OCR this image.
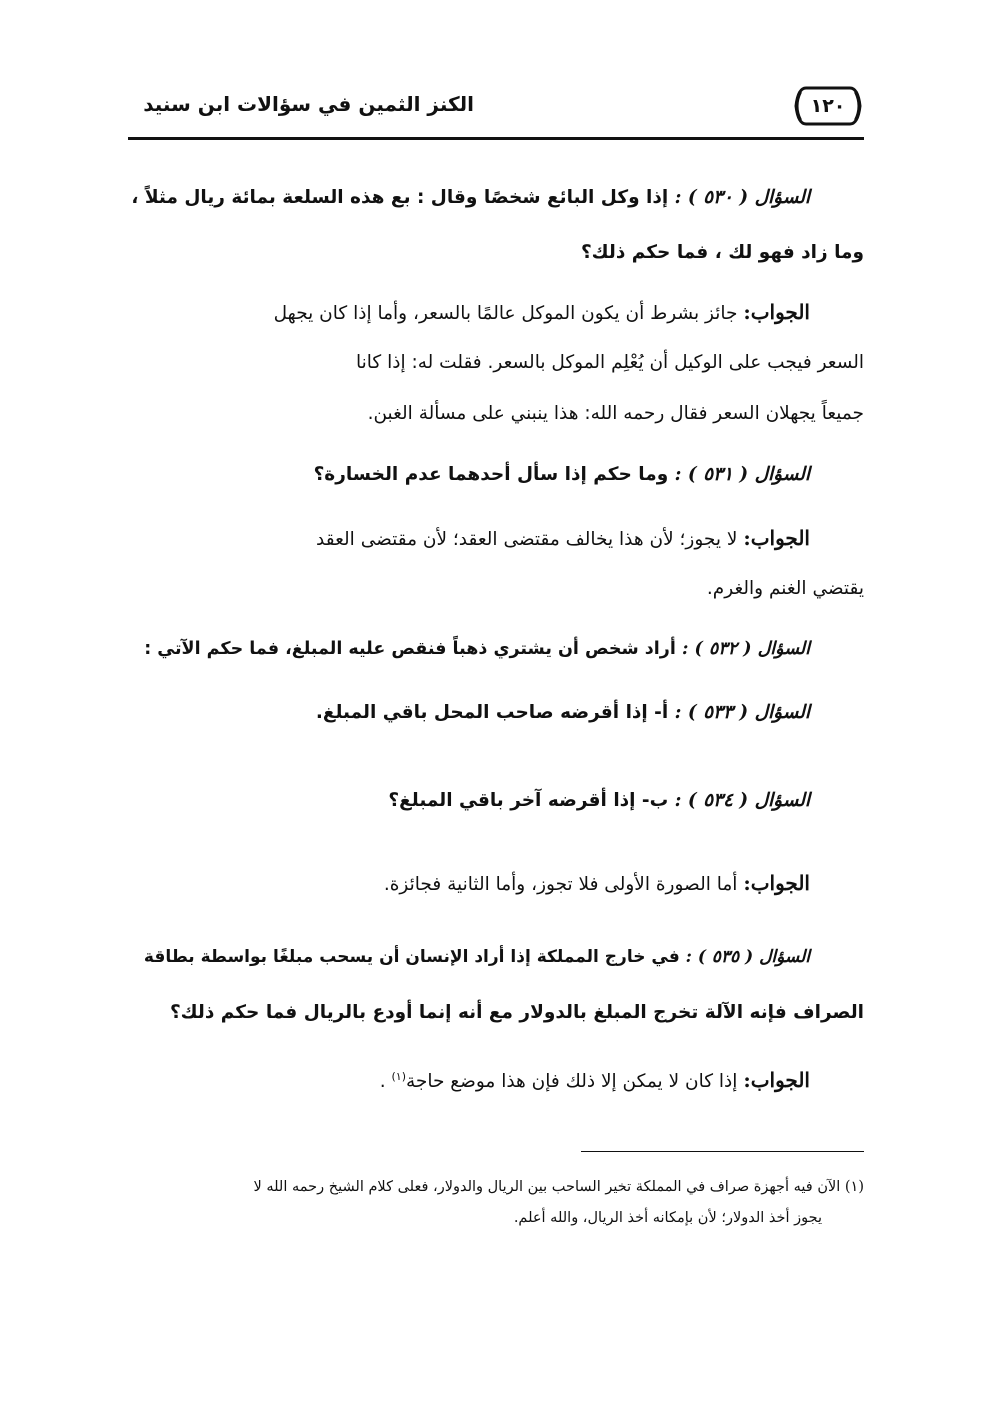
١٢٠
الكنز الثمين في سؤالات ابن سنيد
السؤال ( ٥٣٠ ) : إذا وكل البائع شخصًا وقال : بع هذه السلعة بمائة ريال مثلاً ،
وما زاد فهو لك ، فما حكم ذلك؟
الجواب: جائز بشرط أن يكون الموكل عالمًا بالسعر، وأما إذا كان يجهل
السعر فيجب على الوكيل أن يُعْلِم الموكل بالسعر. فقلت له: إذا كانا
جميعاً يجهلان السعر فقال رحمه الله: هذا ينبني على مسألة الغبن.
السؤال ( ٥٣١ ) : وما حكم إذا سأل أحدهما عدم الخسارة؟
الجواب: لا يجوز؛ لأن هذا يخالف مقتضى العقد؛ لأن مقتضى العقد
يقتضي الغنم والغرم.
السؤال ( ٥٣٢ ) : أراد شخص أن يشتري ذهباً فنقص عليه المبلغ، فما حكم الآتي :
السؤال ( ٥٣٣ ) : أ- إذا أقرضه صاحب المحل باقي المبلغ.
السؤال ( ٥٣٤ ) : ب- إذا أقرضه آخر باقي المبلغ؟
الجواب: أما الصورة الأولى فلا تجوز، وأما الثانية فجائزة.
السؤال ( ٥٣٥ ) : في خارج المملكة إذا أراد الإنسان أن يسحب مبلغًا بواسطة بطاقة
الصراف فإنه الآلة تخرج المبلغ بالدولار مع أنه إنما أودع بالريال فما حكم ذلك؟
الجواب: إذا كان لا يمكن إلا ذلك فإن هذا موضع حاجة$^{(١)}$ .
(١) الآن فيه أجهزة صراف في المملكة تخير الساحب بين الريال والدولار، فعلى كلام الشيخ رحمه الله لا
يجوز أخذ الدولار؛ لأن بإمكانه أخذ الريال، والله أعلم.
